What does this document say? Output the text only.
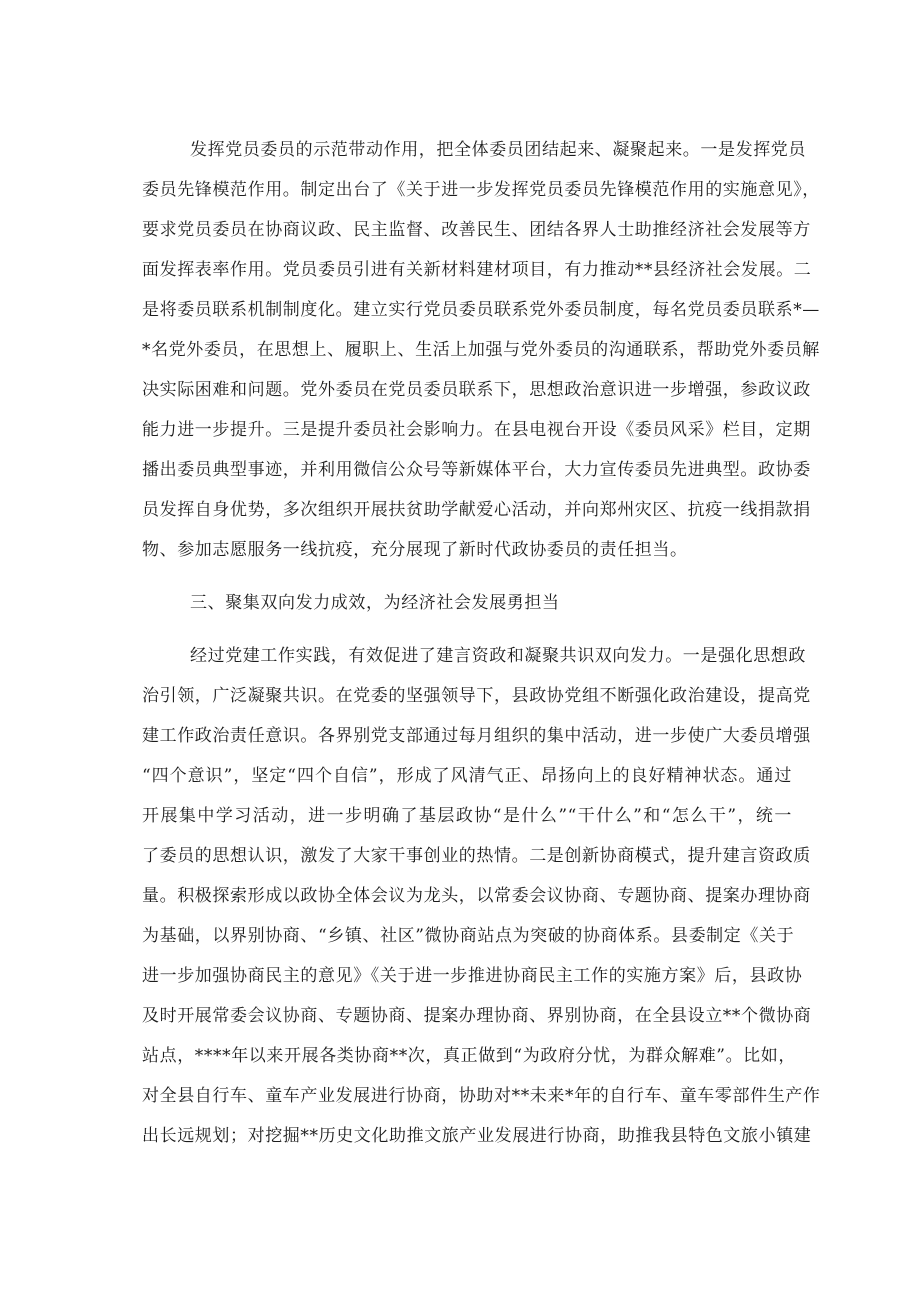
发挥党员委员的示范带动作用，把全体委员团结起来、凝聚起来。一是发挥党员
委员先锋模范作用。制定出台了《关于进一步发挥党员委员先锋模范作用的实施意见》，
要求党员委员在协商议政、民主监督、改善民生、团结各界人士助推经济社会发展等方
面发挥表率作用。党员委员引进有关新材料建材项目，有力推动**县经济社会发展。二
是将委员联系机制制度化。建立实行党员委员联系党外委员制度，每名党员委员联系*—
*名党外委员，在思想上、履职上、生活上加强与党外委员的沟通联系，帮助党外委员解
决实际困难和问题。党外委员在党员委员联系下，思想政治意识进一步增强，参政议政
能力进一步提升。三是提升委员社会影响力。在县电视台开设《委员风采》栏目，定期
播出委员典型事迹，并利用微信公众号等新媒体平台，大力宣传委员先进典型。政协委
员发挥自身优势，多次组织开展扶贫助学献爱心活动，并向郑州灾区、抗疫一线捐款捐
物、参加志愿服务一线抗疫，充分展现了新时代政协委员的责任担当。
三、聚集双向发力成效，为经济社会发展勇担当
经过党建工作实践，有效促进了建言资政和凝聚共识双向发力。一是强化思想政
治引领，广泛凝聚共识。在党委的坚强领导下，县政协党组不断强化政治建设，提高党
建工作政治责任意识。各界别党支部通过每月组织的集中活动，进一步使广大委员增强
“四个意识”，坚定“四个自信”，形成了风清气正、昂扬向上的良好精神状态。通过
开展集中学习活动，进一步明确了基层政协“是什么”“干什么”和“怎么干”，统一
了委员的思想认识，激发了大家干事创业的热情。二是创新协商模式，提升建言资政质
量。积极探索形成以政协全体会议为龙头，以常委会议协商、专题协商、提案办理协商
为基础，以界别协商、“乡镇、社区”微协商站点为突破的协商体系。县委制定《关于
进一步加强协商民主的意见》《关于进一步推进协商民主工作的实施方案》后，县政协
及时开展常委会议协商、专题协商、提案办理协商、界别协商，在全县设立**个微协商
站点，****年以来开展各类协商**次，真正做到“为政府分忧，为群众解难”。比如，
对全县自行车、童车产业发展进行协商，协助对**未来*年的自行车、童车零部件生产作
出长远规划；对挖掘**历史文化助推文旅产业发展进行协商，助推我县特色文旅小镇建
